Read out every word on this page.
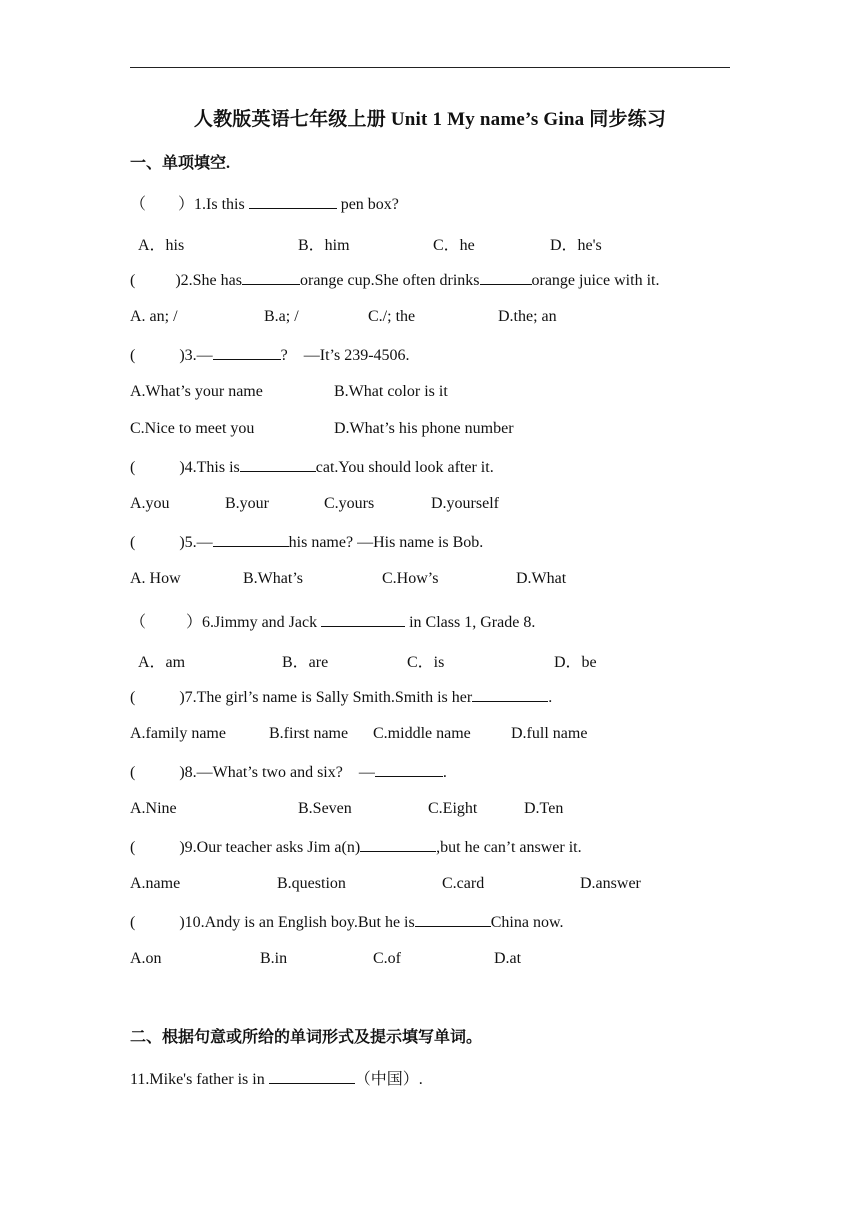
人教版英语七年级上册 Unit 1 My name’s Gina 同步练习
一、单项填空.
（        ）1.Is this	pen box?
A．his	B．him	C．he	D．he's
(          )2.She has	orange cup.She often drinks	orange juice with it.
A. an; /	B.a; /	C./; the	D.the; an
(           )3.—	?    —It’s 239-4506.
A.What’s your name	B.What color is it
C.Nice to meet you	D.What’s his phone number
(           )4.This is	cat.You should look after it.
A.you	B.your	C.yours	D.yourself
(           )5.—	his name? —His name is Bob.
A. How	B.What’s	C.How’s	D.What
（          ）6.Jimmy and Jack	in Class 1, Grade 8.
A．am	B．are	C．is	D．be
(           )7.The girl’s name is Sally Smith.Smith is her	.
A.family name	B.first name C.middle name	D.full name
(           )8.—What’s two and six?    —	.
A.Nine	B.Seven	C.Eight	D.Ten
(           )9.Our teacher asks Jim a(n)	,but he can’t answer it.
A.name	B.question	C.card	D.answer
(           )10.Andy is an English boy.But he is	China now.
A.on	B.in	C.of	D.at
二、根据句意或所给的单词形式及提示填写单词。
11.Mike's father is in	（中国）.
